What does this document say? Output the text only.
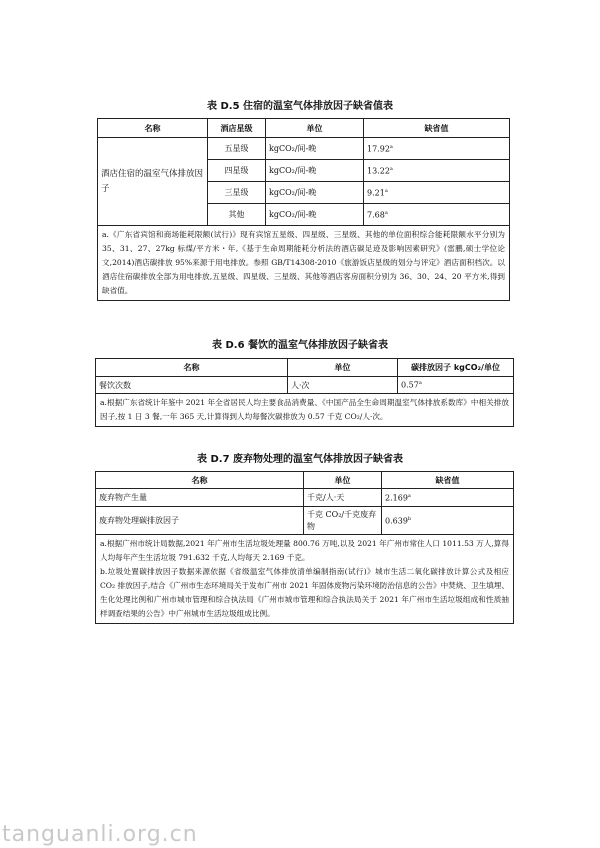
表 D.5 住宿的温室气体排放因子缺省值表
名称	酒店星级	单位	缺省值
酒店住宿的温室气体排放因子	五星级	kgCO₂/间-晚	17.92$^a$
	四星级	kgCO₂/间-晚	13.22$^a$
	三星级	kgCO₂/间-晚	9.21$^a$
	其他	kgCO₂/间-晚	7.68$^a$
a.《广东省宾馆和商场能耗限额(试行)》现有宾馆五星级、四星级、三星级、其他的单位面积综合能耗限额水平分别为 35、31、27、27kg 标煤/平方米・年,《基于生命周期能耗分析法的酒店碳足迹及影响因素研究》(雷鹏,硕士学位论文,2014)酒店碳排放 95%来源于用电排放。参照 GB/T14308-2010《旅游饭店星级的划分与评定》酒店面积档次。以酒店住宿碳排放全部为用电排放,五星级、四星级、三星级、其他等酒店客房面积分别为 36、30、24、20 平方米,得到缺省值。			
表 D.6 餐饮的温室气体排放因子缺省表
名称	单位	碳排放因子 kgCO₂/单位
餐饮次数	人·次	0.57$^a$
a.根据广东省统计年鉴中 2021 年全省居民人均主要食品消费量、《中国产品全生命周期温室气体排放系数库》中相关排放因子,按 1 日 3 餐,一年 365 天,计算得到人均每餐次碳排放为 0.57 千克 CO₂/人·次。		
表 D.7 废弃物处理的温室气体排放因子缺省表
名称	单位	缺省值
废弃物产生量	千克/人·天	2.169$^a$
废弃物处理碳排放因子	千克 CO₂/千克废弃物	0.639$^b$

a.根据广州市统计局数据,2021 年广州市生活垃圾处理量 800.76 万吨,以及 2021 年广州市常住人口 1011.53 万人,算得人均每年产生生活垃圾 791.632 千克,人均每天 2.169 千克。
b.垃圾处置碳排放因子数据来源依据《省级温室气体排放清单编制指南(试行)》城市生活二氧化碳排放计算公式及相应 CO₂ 排放因子,结合《广州市生态环境局关于发布广州市 2021 年固体废物污染环境防治信息的公告》中焚烧、卫生填埋、生化处理比例和广州市城市管理和综合执法局《广州市城市管理和综合执法局关于 2021 年广州市生活垃圾组成和性质抽样调查结果的公告》中广州城市生活垃圾组成比例。		
tanguanli.org.cn
